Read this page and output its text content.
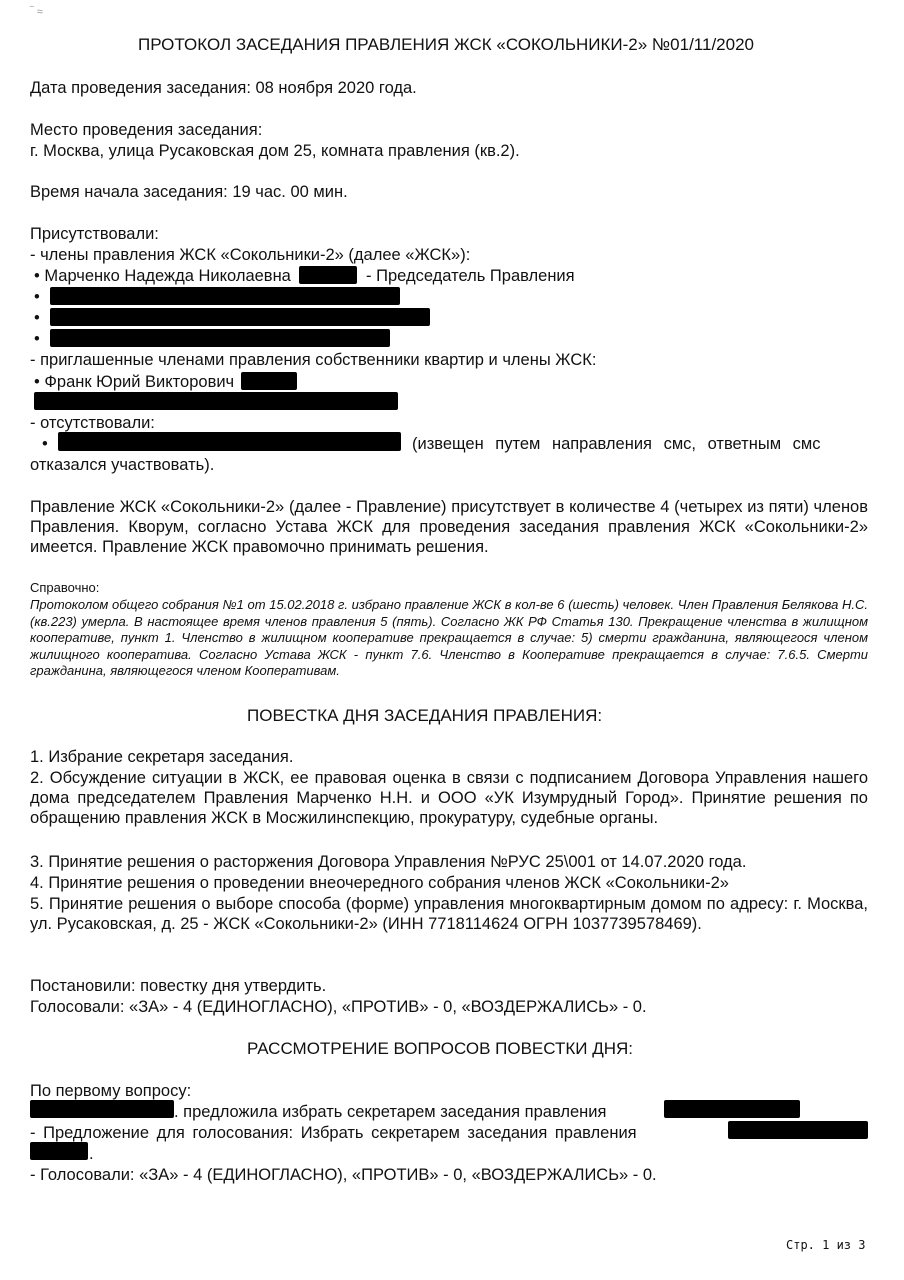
‾ ≈
ПРОТОКОЛ ЗАСЕДАНИЯ ПРАВЛЕНИЯ ЖСК «СОКОЛЬНИКИ-2» №01/11/2020
Дата проведения заседания: 08 ноября 2020 года.
Место проведения заседания:
г. Москва, улица Русаковская дом 25, комната правления (кв.2).
Время начала заседания: 19 час. 00 мин.
Присутствовали:
- члены правления ЖСК «Сокольники-2» (далее «ЖСК»):
• Марченко Надежда Николаевна	- Председатель Правления
•
•
•
- приглашенные членами правления собственники квартир и члены ЖСК:
• Франк Юрий Викторович
- отсутствовали:
•	(извещен путем направления смс, ответным смс
отказался участвовать).
Правление ЖСК «Сокольники-2» (далее - Правление) присутствует в количестве 4 (четырех из пяти) членов Правления. Кворум, согласно Устава ЖСК для проведения заседания правления ЖСК «Сокольники-2» имеется. Правление ЖСК правомочно принимать решения.
Справочно:
Протоколом общего собрания №1 от 15.02.2018 г. избрано правление ЖСК в кол-ве 6 (шесть) человек. Член Правления Белякова Н.С. (кв.223) умерла. В настоящее время членов правления 5 (пять). Согласно ЖК РФ Статья 130. Прекращение членства в жилищном кооперативе, пункт 1. Членство в жилищном кооперативе прекращается в случае: 5) смерти гражданина, являющегося членом жилищного кооператива. Согласно Устава ЖСК - пункт 7.6. Членство в Кооперативе прекращается в случае: 7.6.5. Смерти гражданина, являющегося членом Кооперативам.
ПОВЕСТКА ДНЯ ЗАСЕДАНИЯ ПРАВЛЕНИЯ:
1. Избрание секретаря заседания.
2. Обсуждение ситуации в ЖСК, ее правовая оценка в связи с подписанием Договора Управления нашего дома председателем Правления Марченко Н.Н. и ООО «УК Изумрудный Город». Принятие решения по обращению правления ЖСК в Мосжилинспекцию, прокуратуру, судебные органы.
3. Принятие решения о расторжения Договора Управления №РУС 25\001 от 14.07.2020 года.
4. Принятие решения о проведении внеочередного собрания членов ЖСК «Сокольники-2»
5. Принятие решения о выборе способа (форме) управления многоквартирным домом по адресу: г. Москва, ул. Русаковская, д. 25 - ЖСК «Сокольники-2» (ИНН 7718114624 ОГРН 1037739578469).
Постановили: повестку дня утвердить.
Голосовали: «ЗА» - 4 (ЕДИНОГЛАСНО), «ПРОТИВ» - 0, «ВОЗДЕРЖАЛИСЬ» - 0.
РАССМОТРЕНИЕ ВОПРОСОВ ПОВЕСТКИ ДНЯ:
По первому вопросу:
. предложила избрать секретарем заседания правления
- Предложение для голосования: Избрать секретарем заседания правления
.
- Голосовали: «ЗА» - 4 (ЕДИНОГЛАСНО), «ПРОТИВ» - 0, «ВОЗДЕРЖАЛИСЬ» - 0.
Стр. 1 из 3
